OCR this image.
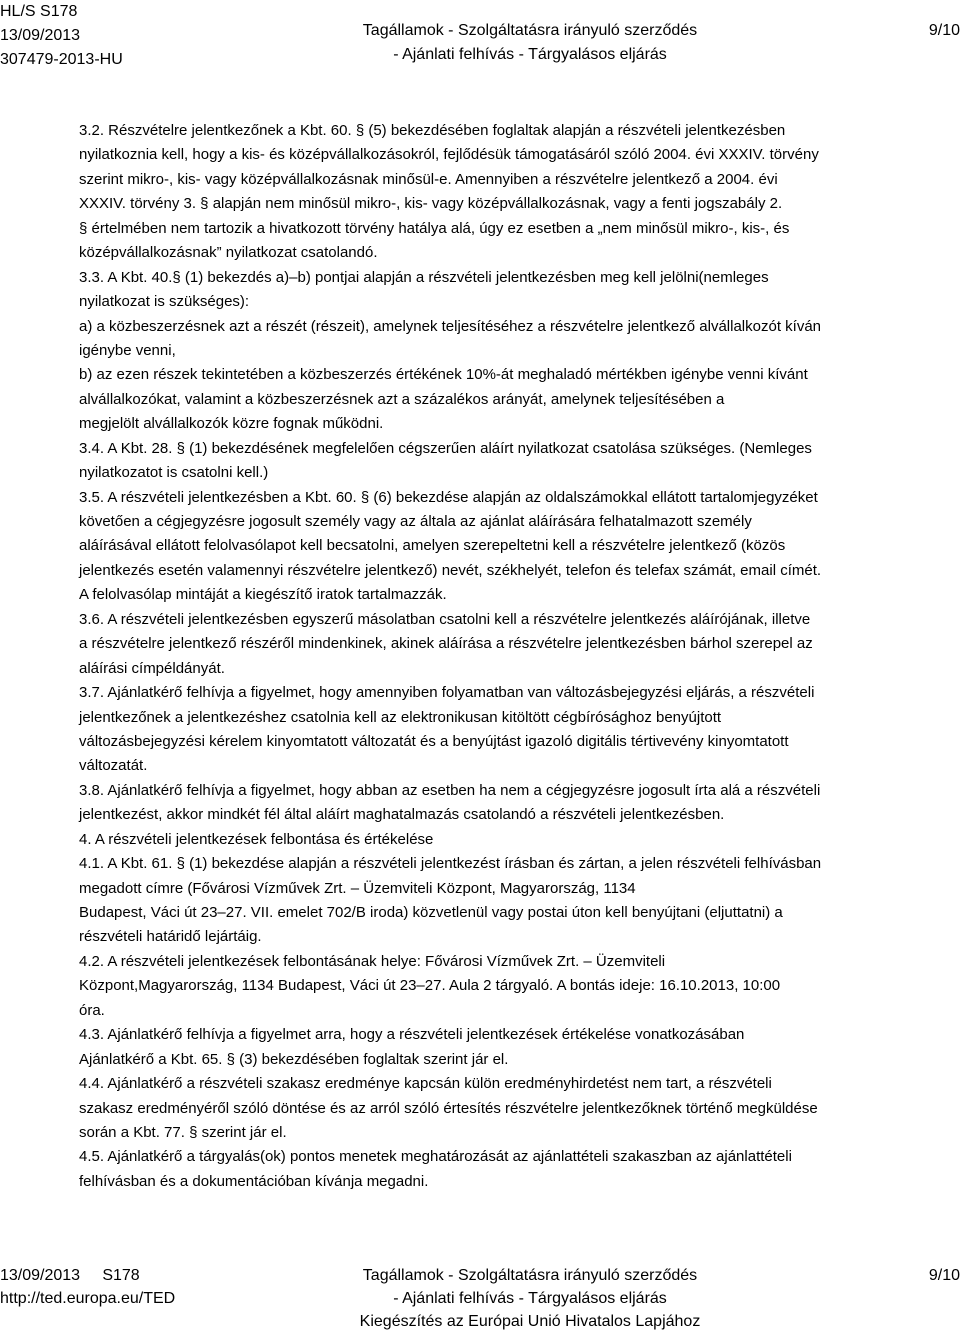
HL/S S178
13/09/2013
307479-2013-HU
Tagállamok - Szolgáltatásra irányuló szerződés
- Ajánlati felhívás - Tárgyalásos eljárás
9/10
3.2. Részvételre jelentkezőnek a Kbt. 60. § (5) bekezdésében foglaltak alapján a részvételi jelentkezésben
nyilatkoznia kell, hogy a kis- és középvállalkozásokról, fejlődésük támogatásáról szóló 2004. évi XXXIV. törvény
szerint mikro-, kis- vagy középvállalkozásnak minősül-e. Amennyiben a részvételre jelentkező a 2004. évi
XXXIV. törvény 3. § alapján nem minősül mikro-, kis- vagy középvállalkozásnak, vagy a fenti jogszabály 2.
§ értelmében nem tartozik a hivatkozott törvény hatálya alá, úgy ez esetben a „nem minősül mikro-, kis-, és
középvállalkozásnak” nyilatkozat csatolandó.
3.3. A Kbt. 40.§ (1) bekezdés a)–b) pontjai alapján a részvételi jelentkezésben meg kell jelölni(nemleges
nyilatkozat is szükséges):
a) a közbeszerzésnek azt a részét (részeit), amelynek teljesítéséhez a részvételre jelentkező alvállalkozót kíván
igénybe venni,
b) az ezen részek tekintetében a közbeszerzés értékének 10%-át meghaladó mértékben igénybe venni kívánt
alvállalkozókat, valamint a közbeszerzésnek azt a százalékos arányát, amelynek teljesítésében a
megjelölt alvállalkozók közre fognak működni.
3.4. A Kbt. 28. § (1) bekezdésének megfelelően cégszerűen aláírt nyilatkozat csatolása szükséges. (Nemleges
nyilatkozatot is csatolni kell.)
3.5. A részvételi jelentkezésben a Kbt. 60. § (6) bekezdése alapján az oldalszámokkal ellátott tartalomjegyzéket
követően a cégjegyzésre jogosult személy vagy az általa az ajánlat aláírására felhatalmazott személy
aláírásával ellátott felolvasólapot kell becsatolni, amelyen szerepeltetni kell a részvételre jelentkező (közös
jelentkezés esetén valamennyi részvételre jelentkező) nevét, székhelyét, telefon és telefax számát, email címét.
A felolvasólap mintáját a kiegészítő iratok tartalmazzák.
3.6. A részvételi jelentkezésben egyszerű másolatban csatolni kell a részvételre jelentkezés aláírójának, illetve
a részvételre jelentkező részéről mindenkinek, akinek aláírása a részvételre jelentkezésben bárhol szerepel az
aláírási címpéldányát.
3.7. Ajánlatkérő felhívja a figyelmet, hogy amennyiben folyamatban van változásbejegyzési eljárás, a részvételi
jelentkezőnek a jelentkezéshez csatolnia kell az elektronikusan kitöltött cégbírósághoz benyújtott
változásbejegyzési kérelem kinyomtatott változatát és a benyújtást igazoló digitális tértivevény kinyomtatott
változatát.
3.8. Ajánlatkérő felhívja a figyelmet, hogy abban az esetben ha nem a cégjegyzésre jogosult írta alá a részvételi
jelentkezést, akkor mindkét fél által aláírt maghatalmazás csatolandó a részvételi jelentkezésben.
4. A részvételi jelentkezések felbontása és értékelése
4.1. A Kbt. 61. § (1) bekezdése alapján a részvételi jelentkezést írásban és zártan, a jelen részvételi felhívásban
megadott címre (Fővárosi Vízművek Zrt. – Üzemviteli Központ, Magyarország, 1134
Budapest, Váci út 23–27. VII. emelet 702/B iroda) közvetlenül vagy postai úton kell benyújtani (eljuttatni) a
részvételi határidő lejártáig.
4.2. A részvételi jelentkezések felbontásának helye: Fővárosi Vízművek Zrt. – Üzemviteli
Központ,Magyarország, 1134 Budapest, Váci út 23–27. Aula 2 tárgyaló. A bontás ideje: 16.10.2013, 10:00
óra.
4.3. Ajánlatkérő felhívja a figyelmet arra, hogy a részvételi jelentkezések értékelése vonatkozásában
Ajánlatkérő a Kbt. 65. § (3) bekezdésében foglaltak szerint jár el.
4.4. Ajánlatkérő a részvételi szakasz eredménye kapcsán külön eredményhirdetést nem tart, a részvételi
szakasz eredményéről szóló döntése és az arról szóló értesítés részvételre jelentkezőknek történő megküldése
során a Kbt. 77. § szerint jár el.
4.5. Ajánlatkérő a tárgyalás(ok) pontos menetek meghatározását az ajánlattételi szakaszban az ajánlattételi
felhívásban és a dokumentációban kívánja megadni.
13/09/2013 S178
http://ted.europa.eu/TED
Tagállamok - Szolgáltatásra irányuló szerződés
- Ajánlati felhívás - Tárgyalásos eljárás
Kiegészítés az Európai Unió Hivatalos Lapjához
9/10
